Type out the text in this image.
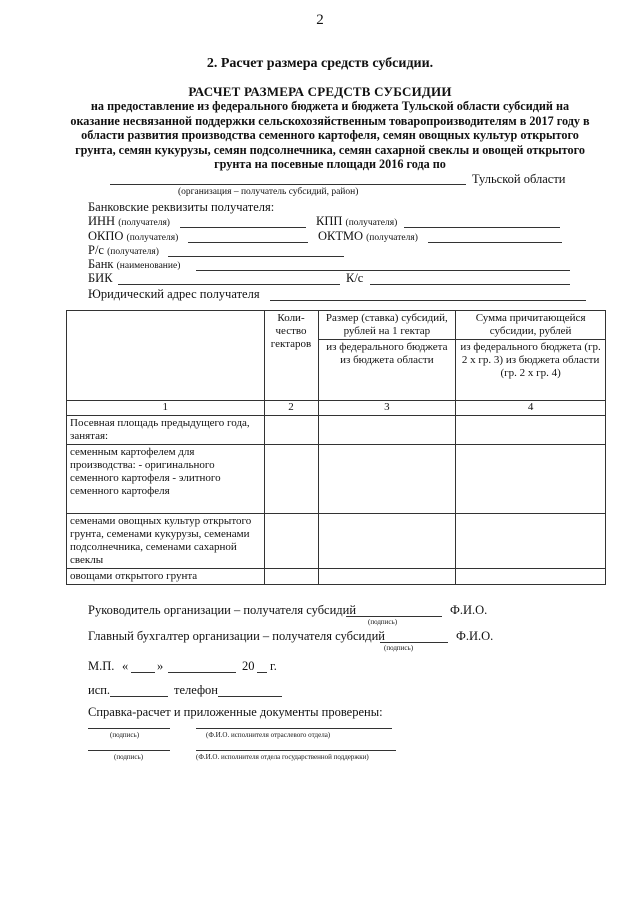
2
2. Расчет размера средств субсидии.
РАСЧЕТ РАЗМЕРА СРЕДСТВ СУБСИДИИ
на предоставление из федерального бюджета и бюджета Тульской области субсидий на оказание несвязанной поддержки сельскохозяйственным товаропроизводителям в 2017 году в области развития производства семенного картофеля, семян овощных культур открытого грунта, семян кукурузы, семян подсолнечника, семян сахарной свеклы и овощей открытого грунта на посевные площади 2016 года по
Тульской области
(организация – получатель субсидий, район)
Банковские реквизиты получателя:
ИНН (получателя)	КПП (получателя)
ОКПО (получателя)	ОКТМО (получателя)
Р/с (получателя)
Банк (наименование)
БИК	К/с
Юридический адрес получателя
	Коли-чество гектаров	Размер (ставка) субсидий, рублей на 1 гектар	Сумма причитающейся субсидии, рублей
		из федерального бюджета из бюджета области	из федерального бюджета (гр. 2 х гр. 3) из бюджета области (гр. 2 х гр. 4)
1	2	3	4
Посевная площадь предыдущего года, занятая:			
семенным картофелем для производства: - оригинального семенного картофеля - элитного семенного картофеля			
семенами овощных культур открытого грунта, семенами кукурузы, семенами подсолнечника, семенами сахарной свеклы			
овощами открытого грунта			
Руководитель организации – получателя субсидий	Ф.И.О.
(подпись)
Главный бухгалтер организации – получателя субсидий	Ф.И.О.
(подпись)
М.П. « »	20 г.
исп.	телефон
Справка-расчет и приложенные документы проверены:
(подпись)	(Ф.И.О. исполнителя отраслевого отдела)
(подпись)	(Ф.И.О. исполнителя отдела государственной поддержки)
